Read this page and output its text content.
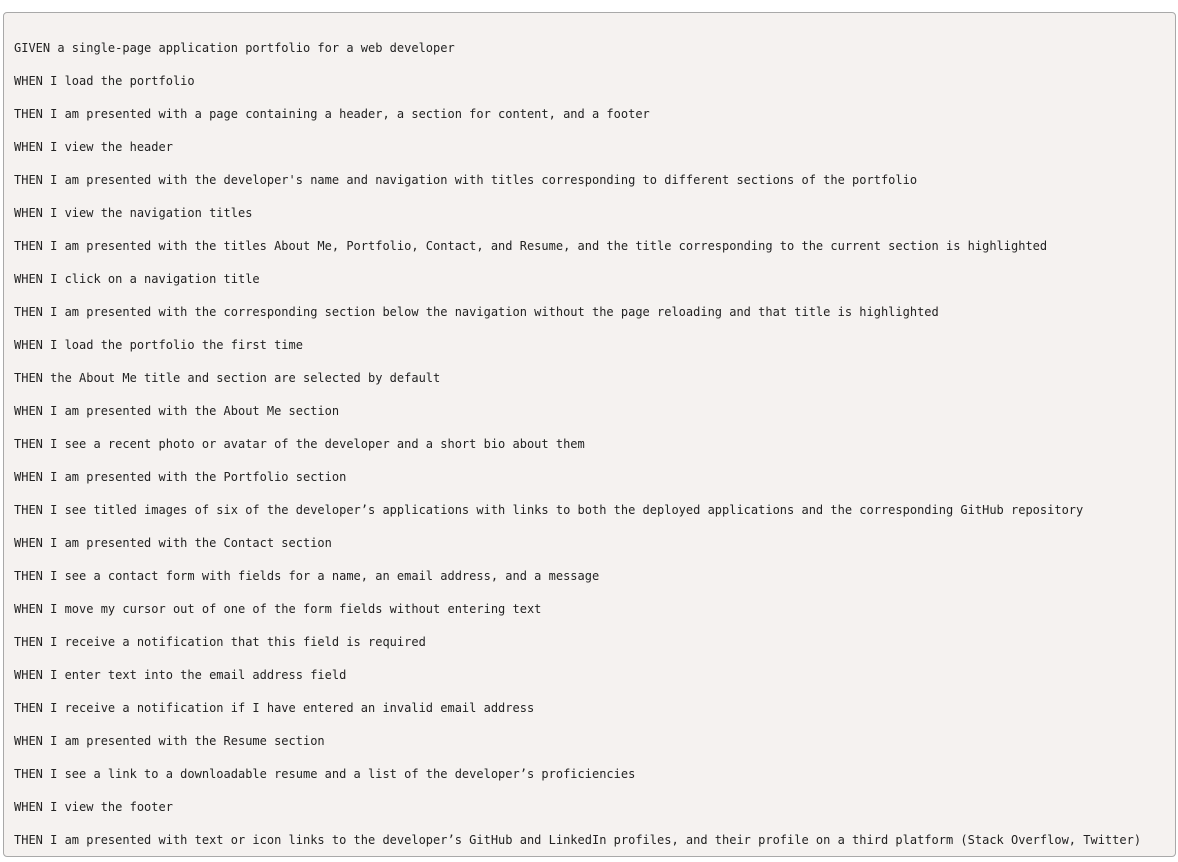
GIVEN a single-page application portfolio for a web developer
WHEN I load the portfolio
THEN I am presented with a page containing a header, a section for content, and a footer
WHEN I view the header
THEN I am presented with the developer's name and navigation with titles corresponding to different sections of the portfolio
WHEN I view the navigation titles
THEN I am presented with the titles About Me, Portfolio, Contact, and Resume, and the title corresponding to the current section is highlighted
WHEN I click on a navigation title
THEN I am presented with the corresponding section below the navigation without the page reloading and that title is highlighted
WHEN I load the portfolio the first time
THEN the About Me title and section are selected by default
WHEN I am presented with the About Me section
THEN I see a recent photo or avatar of the developer and a short bio about them
WHEN I am presented with the Portfolio section
THEN I see titled images of six of the developer’s applications with links to both the deployed applications and the corresponding GitHub repository
WHEN I am presented with the Contact section
THEN I see a contact form with fields for a name, an email address, and a message
WHEN I move my cursor out of one of the form fields without entering text
THEN I receive a notification that this field is required
WHEN I enter text into the email address field
THEN I receive a notification if I have entered an invalid email address
WHEN I am presented with the Resume section
THEN I see a link to a downloadable resume and a list of the developer’s proficiencies
WHEN I view the footer
THEN I am presented with text or icon links to the developer’s GitHub and LinkedIn profiles, and their profile on a third platform (Stack Overflow, Twitter)
